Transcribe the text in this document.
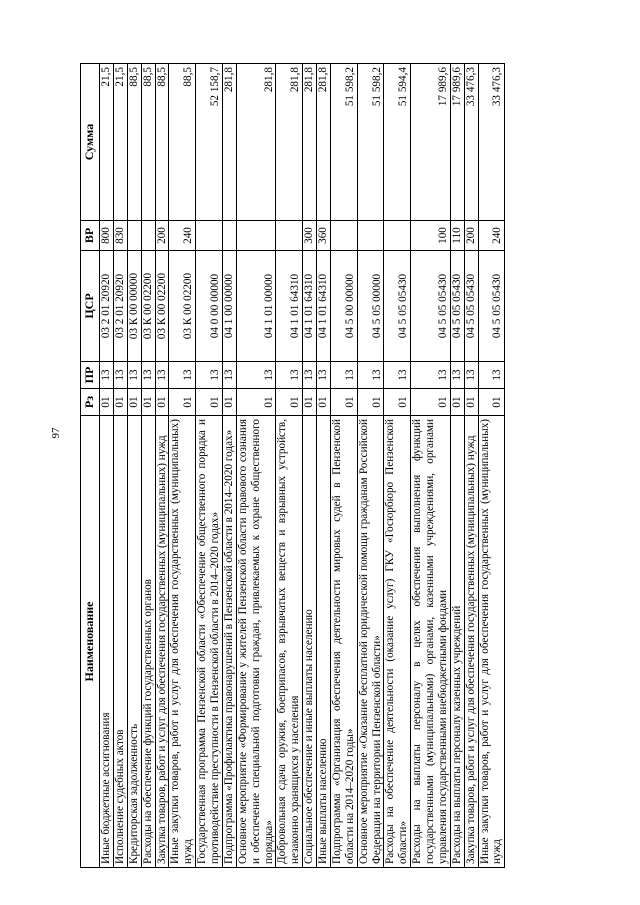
97
Наименование	Рз	ПР	ЦСР	ВР	Сумма
Иные бюджетные ассигнования	01	13	03 2 01 20920	800	21,5
Исполнение судебных актов	01	13	03 2 01 20920	830	21,5
Кредиторская задолженность	01	13	03 К 00 00000		88,5
Расходы на обеспечение функций государственных органов	01	13	03 К 00 02200		88,5
Закупка товаров, работ и услуг для обеспечения государственных (муниципальных) нужд	01	13	03 К 00 02200	200	88,5
Иные закупки товаров, работ и услуг для обеспечения государственных (муниципальных) нужд	01	13	03 К 00 02200	240	88,5
Государственная программа Пензенской области «Обеспечение общественного порядка и противодействие преступности в Пензенской области в 2014–2020 годах»	01	13	04 0 00 00000		52 158,7
Подпрограмма «Профилактика правонарушений в Пензенской области в 2014–2020 годах»	01	13	04 1 00 00000		281,8
Основное мероприятие «Формирование у жителей Пензенской области правового сознания и обеспечение специальной подготовки граждан, привлекаемых к охране общественного порядка»	01	13	04 1 01 00000		281,8
Добровольная сдача оружия, боеприпасов, взрывчатых веществ и взрывных устройств, незаконно хранящихся у населения	01	13	04 1 01 64310		281,8
Социальное обеспечение и иные выплаты населению	01	13	04 1 01 64310	300	281,8
Иные выплаты населению	01	13	04 1 01 64310	360	281,8
Подпрограмма «Организация обеспечения деятельности мировых судей в Пензенской области на 2014–2020 годы»	01	13	04 5 00 00000		51 598,2
Основное мероприятие «Оказание бесплатной юридической помощи гражданам Российской Федерации на территории Пензенской области»	01	13	04 5 05 00000		51 598,2
Расходы на обеспечение деятельности (оказание услуг) ГКУ «Госюрбюро Пензенской области»	01	13	04 5 05 05430		51 594,4
Расходы на выплаты персоналу в целях обеспечения выполнения функций государственными (муниципальными) органами, казенными учреждениями, органами управления государственными внебюджетными фондами	01	13	04 5 05 05430	100	17 989,6
Расходы на выплаты персоналу казенных учреждений	01	13	04 5 05 05430	110	17 989,6
Закупка товаров, работ и услуг для обеспечения государственных (муниципальных) нужд	01	13	04 5 05 05430	200	33 476,3
Иные закупки товаров, работ и услуг для обеспечения государственных (муниципальных) нужд	01	13	04 5 05 05430	240	33 476,3
